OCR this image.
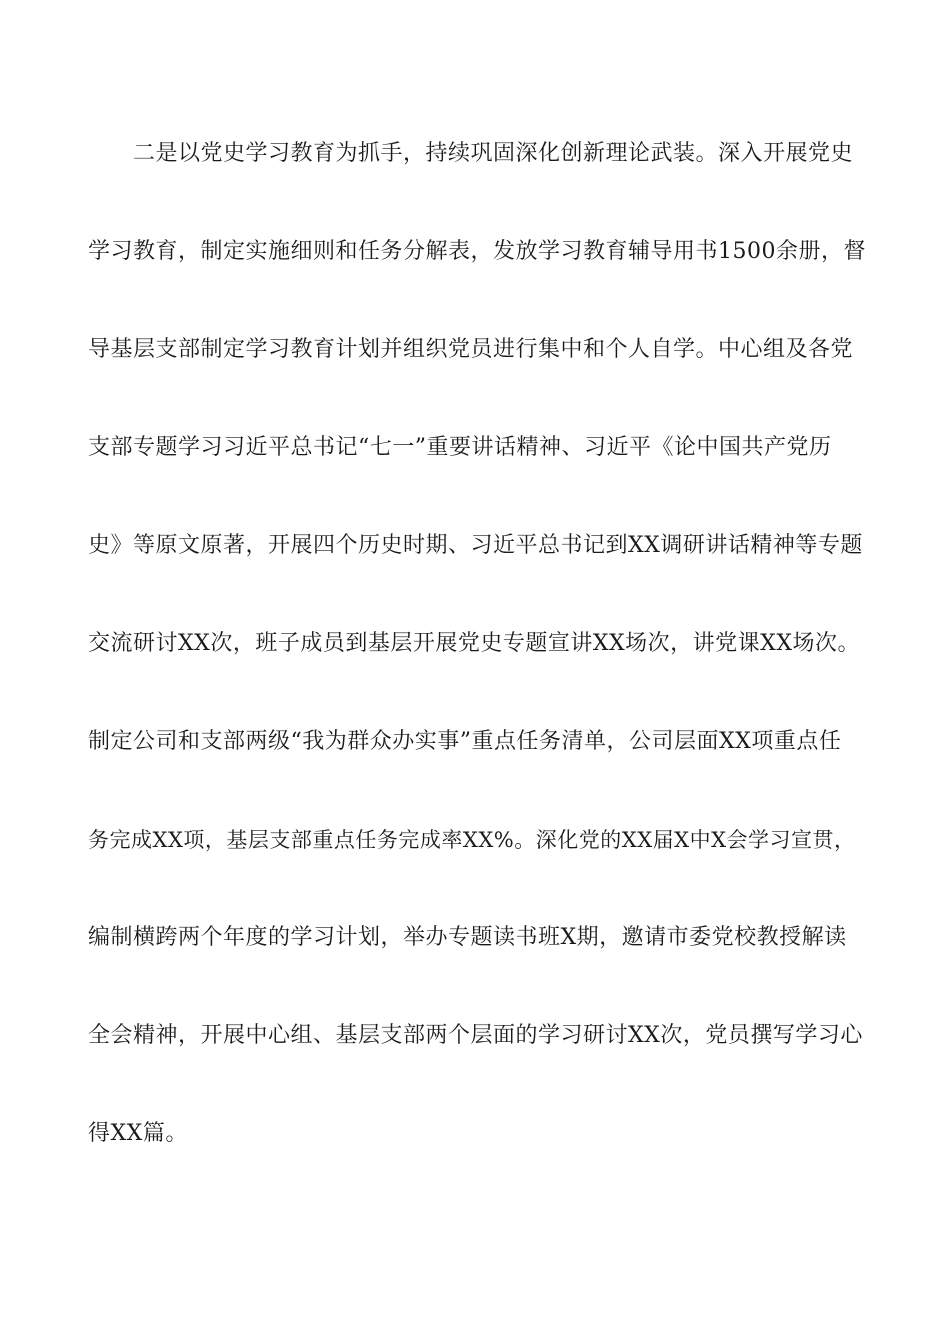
二是以党史学习教育为抓手，持续巩固深化创新理论武装。深入开展党史
学习教育，制定实施细则和任务分解表，发放学习教育辅导用书1500余册，督
导基层支部制定学习教育计划并组织党员进行集中和个人自学。中心组及各党
支部专题学习习近平总书记“七一”重要讲话精神、习近平《论中国共产党历
史》等原文原著，开展四个历史时期、习近平总书记到XX调研讲话精神等专题
交流研讨XX次，班子成员到基层开展党史专题宣讲XX场次，讲党课XX场次。
制定公司和支部两级“我为群众办实事”重点任务清单，公司层面XX项重点任
务完成XX项，基层支部重点任务完成率XX%。深化党的XX届X中X会学习宣贯，
编制横跨两个年度的学习计划，举办专题读书班X期，邀请市委党校教授解读
全会精神，开展中心组、基层支部两个层面的学习研讨XX次，党员撰写学习心
得XX篇。
